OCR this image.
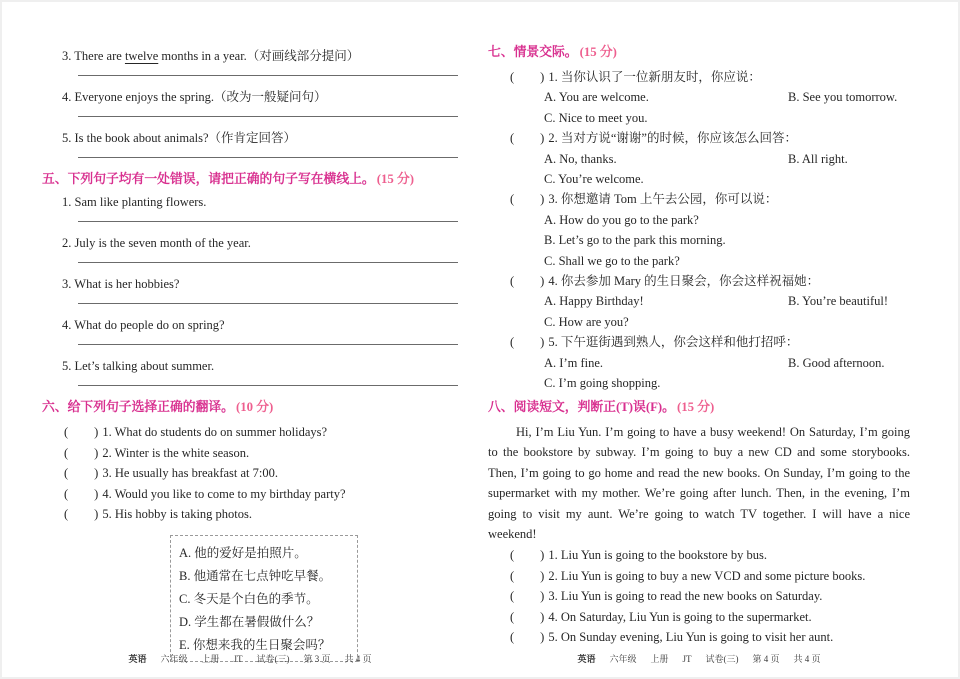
3. There are twelve months in a year.（对画线部分提问）
4. Everyone enjoys the spring.（改为一般疑问句）
5. Is the book about animals?（作肯定回答）
五、下列句子均有一处错误，请把正确的句子写在横线上。 (15 分)
1. Sam like planting flowers.
2. July is the seven month of the year.
3. What is her hobbies?
4. What do people do on spring?
5. Let’s talking about summer.
六、给下列句子选择正确的翻译。 (10 分)
( ) 1. What do students do on summer holidays?
( ) 2. Winter is the white season.
( ) 3. He usually has breakfast at 7:00.
( ) 4. Would you like to come to my birthday party?
( ) 5. His hobby is taking photos.
A. 他的爱好是拍照片。
B. 他通常在七点钟吃早餐。
C. 冬天是个白色的季节。
D. 学生都在暑假做什么？
E. 你想来我的生日聚会吗？
七、情景交际。 (15 分)
( ) 1. 当你认识了一位新朋友时，你应说：
A. You are welcome.	B. See you tomorrow.
C. Nice to meet you.
( ) 2. 当对方说“谢谢”的时候，你应该怎么回答：
A. No, thanks.	B. All right.
C. You’re welcome.
( ) 3. 你想邀请 Tom 上午去公园，你可以说：
A. How do you go to the park?
B. Let’s go to the park this morning.
C. Shall we go to the park?
( ) 4. 你去参加 Mary 的生日聚会，你会这样祝福她：
A. Happy Birthday!	B. You’re beautiful!
C. How are you?
( ) 5. 下午逛街遇到熟人，你会这样和他打招呼：
A. I’m fine.	B. Good afternoon.
C. I’m going shopping.
八、阅读短文，判断正(T)误(F)。 (15 分)
Hi, I’m Liu Yun. I’m going to have a busy weekend! On Saturday, I’m going to the bookstore by subway. I’m going to buy a new CD and some storybooks. Then, I’m going to go home and read the new books. On Sunday, I’m going to the supermarket with my mother. We’re going after lunch. Then, in the evening, I’m going to visit my aunt. We’re going to watch TV together. I will have a nice weekend!
( ) 1. Liu Yun is going to the bookstore by bus.
( ) 2. Liu Yun is going to buy a new VCD and some picture books.
( ) 3. Liu Yun is going to read the new books on Saturday.
( ) 4. On Saturday, Liu Yun is going to the supermarket.
( ) 5. On Sunday evening, Liu Yun is going to visit her aunt.
英语 六年级 上册 JT 试卷(三) 第 3 页 共 4 页	英语 六年级 上册 JT 试卷(三) 第 4 页 共 4 页
